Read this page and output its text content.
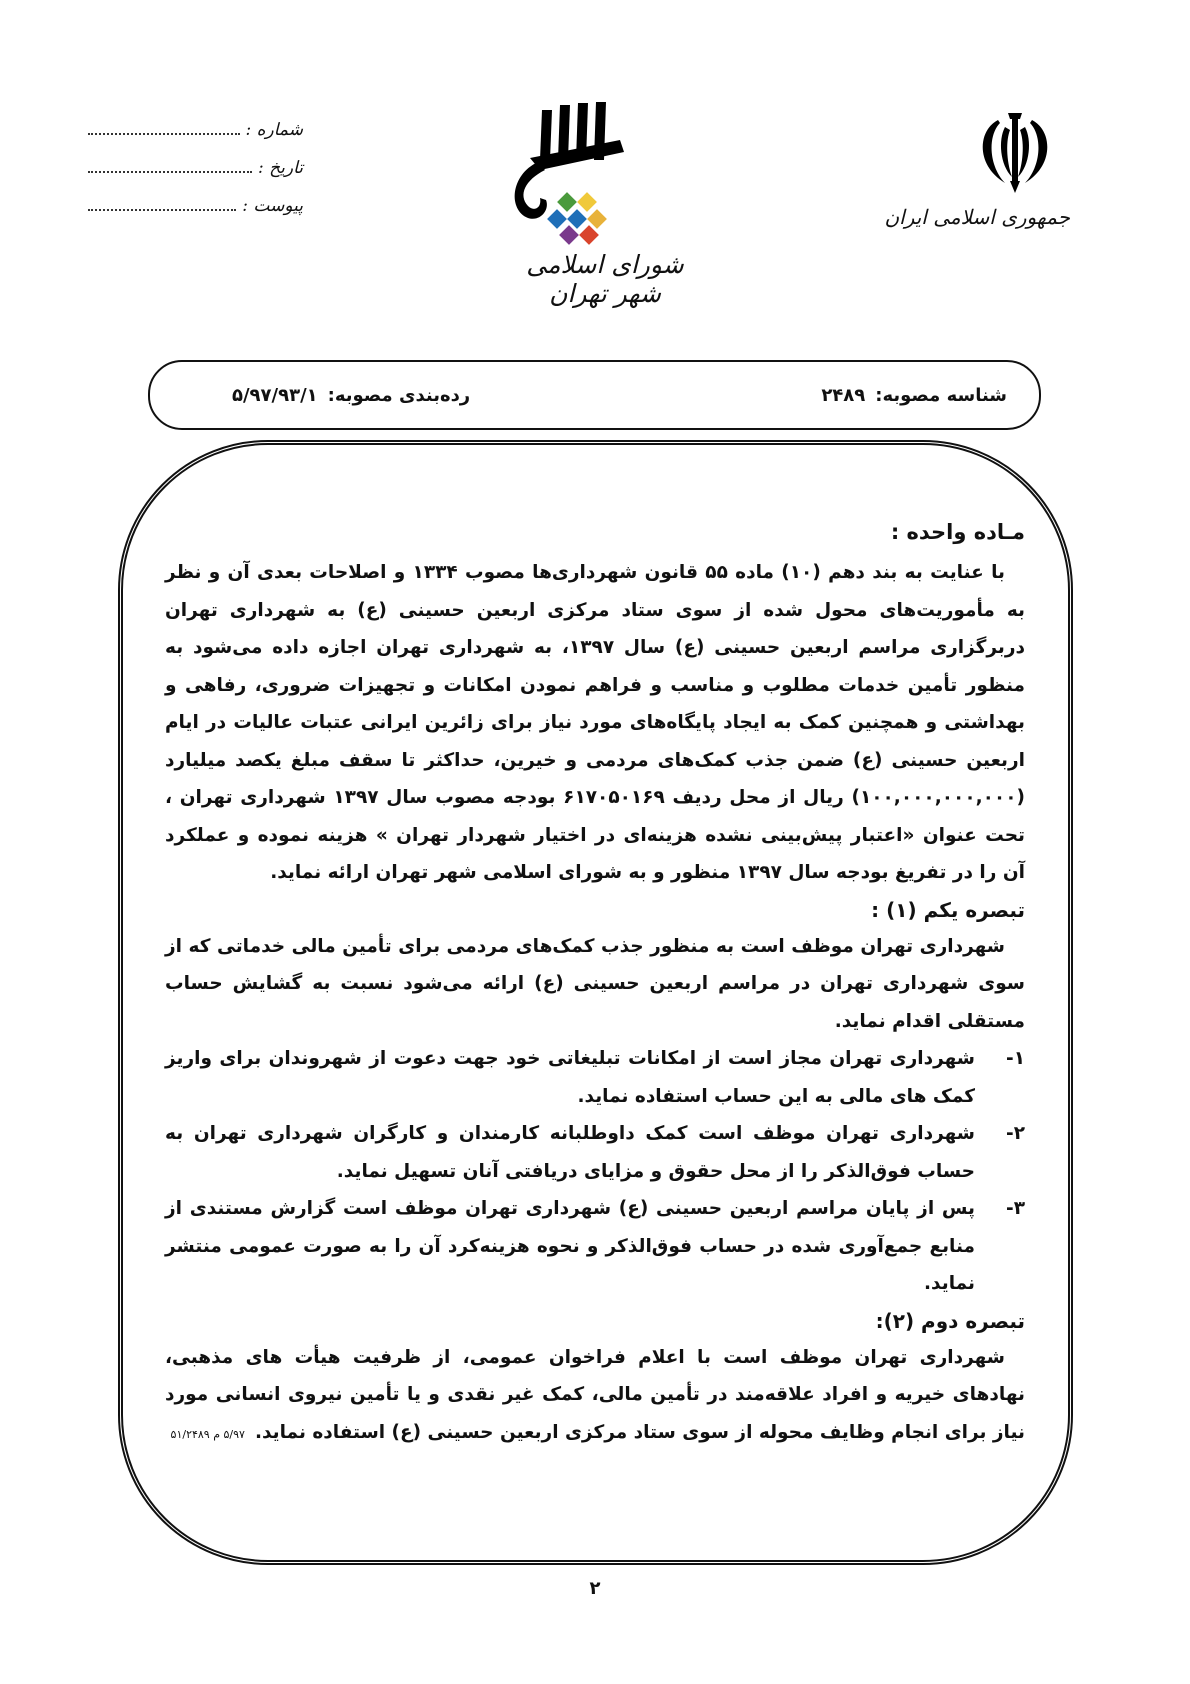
شماره :
تاریخ :
پیوست :
شورای اسلامی شهر تهران
جمهوری اسلامی ایران
شناسه مصوبه:
۲۴۸۹
رده‌بندی مصوبه:
۵/۹۷/۹۳/۱
مـاده واحده :

با عنایت به بند دهم (۱۰) ماده ۵۵ قانون شهرداری‌ها مصوب ۱۳۳۴ و اصلاحات بعدی آن و نظر به مأموریت‌های محول شده از سوی ستاد مرکزی اربعین حسینی (ع) به شهرداری تهران دربرگزاری مراسم اربعین حسینی (ع) سال ۱۳۹۷، به شهرداری تهران اجازه داده می‌شود به منظور تأمین خدمات مطلوب و مناسب و فراهم نمودن امکانات و تجهیزات ضروری، رفاهی و بهداشتی و همچنین کمک به ایجاد پایگاه‌های مورد نیاز برای زائرین ایرانی عتبات عالیات در ایام اربعین حسینی (ع) ضمن جذب کمک‌های مردمی و خیرین، حداکثر تا سقف مبلغ یکصد میلیارد (۱۰۰,۰۰۰,۰۰۰,۰۰۰) ریال از محل ردیف ۶۱۷۰۵۰۱۶۹ بودجه مصوب سال ۱۳۹۷ شهرداری تهران ، تحت عنوان «اعتبار پیش‌بینی نشده هزینه‌ای در اختیار شهردار تهران » هزینه نموده و عملکرد آن را در تفریغ بودجه سال ۱۳۹۷ منظور و به شورای اسلامی شهر تهران ارائه نماید.

تبصره یکم (۱) :

شهرداری تهران موظف است به منظور جذب کمک‌های مردمی برای تأمین مالی خدماتی که از سوی شهرداری تهران در مراسم اربعین حسینی (ع) ارائه می‌شود نسبت به گشایش حساب مستقلی اقدام نماید.

۱-شهرداری تهران مجاز است از امکانات تبلیغاتی خود جهت دعوت از شهروندان برای واریز کمک های مالی به این حساب استفاده نماید.

۲-شهرداری تهران موظف است کمک داوطلبانه کارمندان و کارگران شهرداری تهران به حساب فوق‌الذکر را از محل حقوق و مزایای دریافتی آنان تسهیل نماید.

۳-پس از پایان مراسم اربعین حسینی (ع) شهرداری تهران موظف است گزارش مستندی از منابع جمع‌آوری شده در حساب فوق‌الذکر و نحوه هزینه‌کرد آن را به صورت عمومی منتشر نماید.

تبصره دوم (۲):

شهرداری تهران موظف است با اعلام فراخوان عمومی، از ظرفیت هیأت های مذهبی، نهادهای خیریه و افراد علاقه‌مند در تأمین مالی، کمک غیر نقدی و یا تأمین نیروی انسانی مورد نیاز برای انجام وظایف محوله از سوی ستاد مرکزی اربعین حسینی (ع) استفاده نماید.۵/۹۷ م ۵۱/۲۴۸۹

۲
